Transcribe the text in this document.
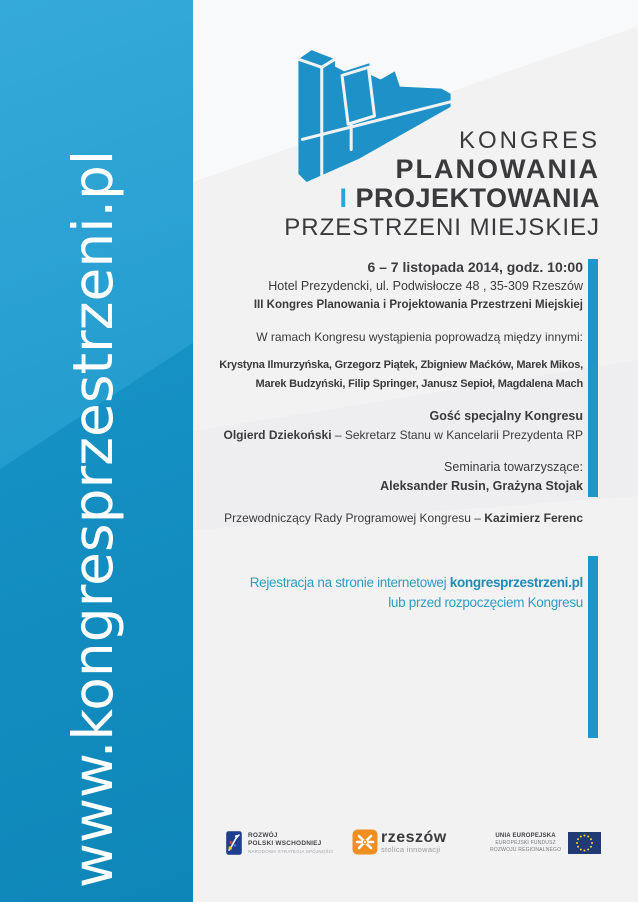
www.kongresprzestrzeni.pl
KONGRES
PLANOWANIA
I PROJEKTOWANIA
PRZESTRZENI MIEJSKIEJ
6 – 7 listopada 2014, godz. 10:00
Hotel Prezydencki, ul. Podwisłocze 48 , 35-309 Rzeszów
III Kongres Planowania i Projektowania Przestrzeni Miejskiej
W ramach Kongresu wystąpienia poprowadzą między innymi:
Krystyna Ilmurzyńska, Grzegorz Piątek, Zbigniew Maćków, Marek Mikos,
Marek Budzyński, Filip Springer, Janusz Sepioł, Magdalena Mach
Gość specjalny Kongresu
Olgierd Dziekoński – Sekretarz Stanu w Kancelarii Prezydenta RP
Seminaria towarzyszące:
Aleksander Rusin, Grażyna Stojak
Przewodniczący Rady Programowej Kongresu – Kazimierz Ferenc
Rejestracja na stronie internetowej kongresprzestrzeni.pl
lub przed rozpoczęciem Kongresu
ROZWÓJ
POLSKI WSCHODNIEJ
NARODOWA STRATEGIA SPÓJNOŚCI
rzeszów
stolica innowacji
UNIA EUROPEJSKA
EUROPEJSKI FUNDUSZ
ROZWOJU REGIONALNEGO
